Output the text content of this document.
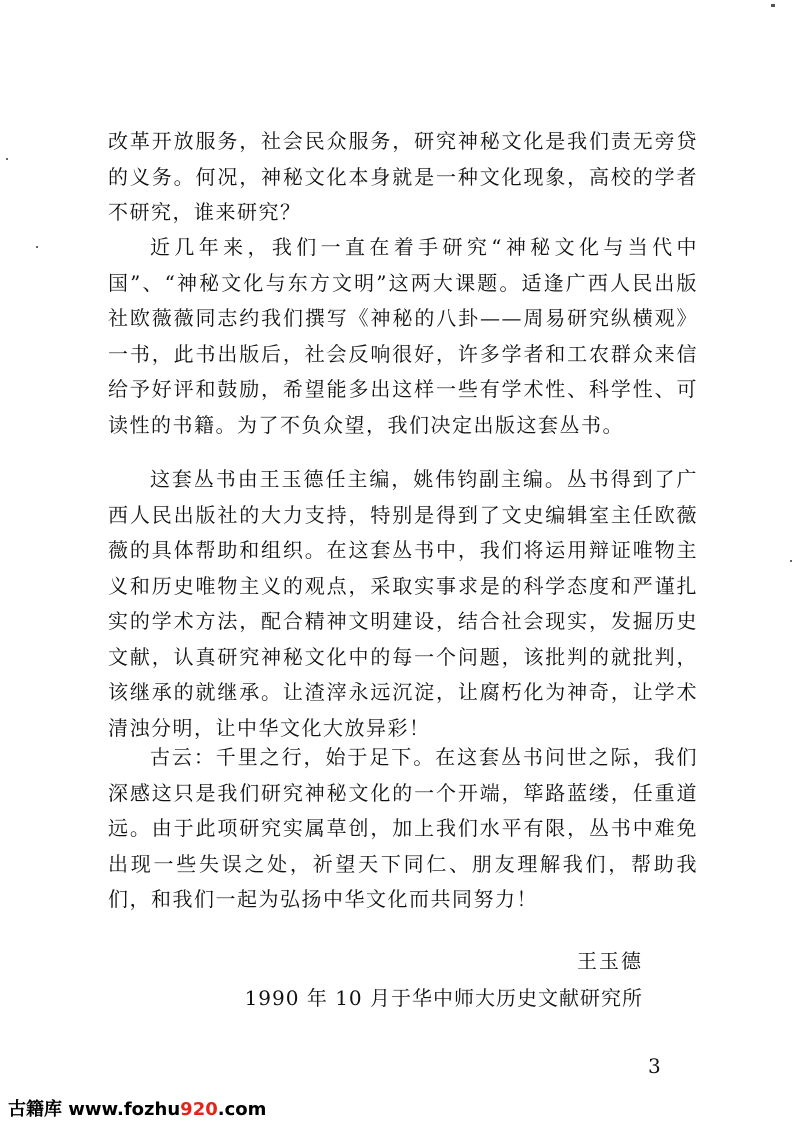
改革开放服务，社会民众服务，研究神秘文化是我们责无旁贷的义务。何况，神秘文化本身就是一种文化现象，高校的学者不研究，谁来研究？

近几年来，我们一直在着手研究“神秘文化与当代中国”、“神秘文化与东方文明”这两大课题。适逢广西人民出版社欧薇薇同志约我们撰写《神秘的八卦——周易研究纵横观》一书，此书出版后，社会反响很好，许多学者和工农群众来信给予好评和鼓励，希望能多出这样一些有学术性、科学性、可读性的书籍。为了不负众望，我们决定出版这套丛书。

这套丛书由王玉德任主编，姚伟钧副主编。丛书得到了广西人民出版社的大力支持，特别是得到了文史编辑室主任欧薇薇的具体帮助和组织。在这套丛书中，我们将运用辩证唯物主义和历史唯物主义的观点，采取实事求是的科学态度和严谨扎实的学术方法，配合精神文明建设，结合社会现实，发掘历史文献，认真研究神秘文化中的每一个问题，该批判的就批判，该继承的就继承。让渣滓永远沉淀，让腐朽化为神奇，让学术清浊分明，让中华文化大放异彩！

古云：千里之行，始于足下。在这套丛书问世之际，我们深感这只是我们研究神秘文化的一个开端，筚路蓝缕，任重道远。由于此项研究实属草创，加上我们水平有限，丛书中难免出现一些失误之处，祈望天下同仁、朋友理解我们，帮助我们，和我们一起为弘扬中华文化而共同努力！

王玉德
1990 年 10 月于华中师大历史文献研究所
3
古籍库 www.fozhu920.com
